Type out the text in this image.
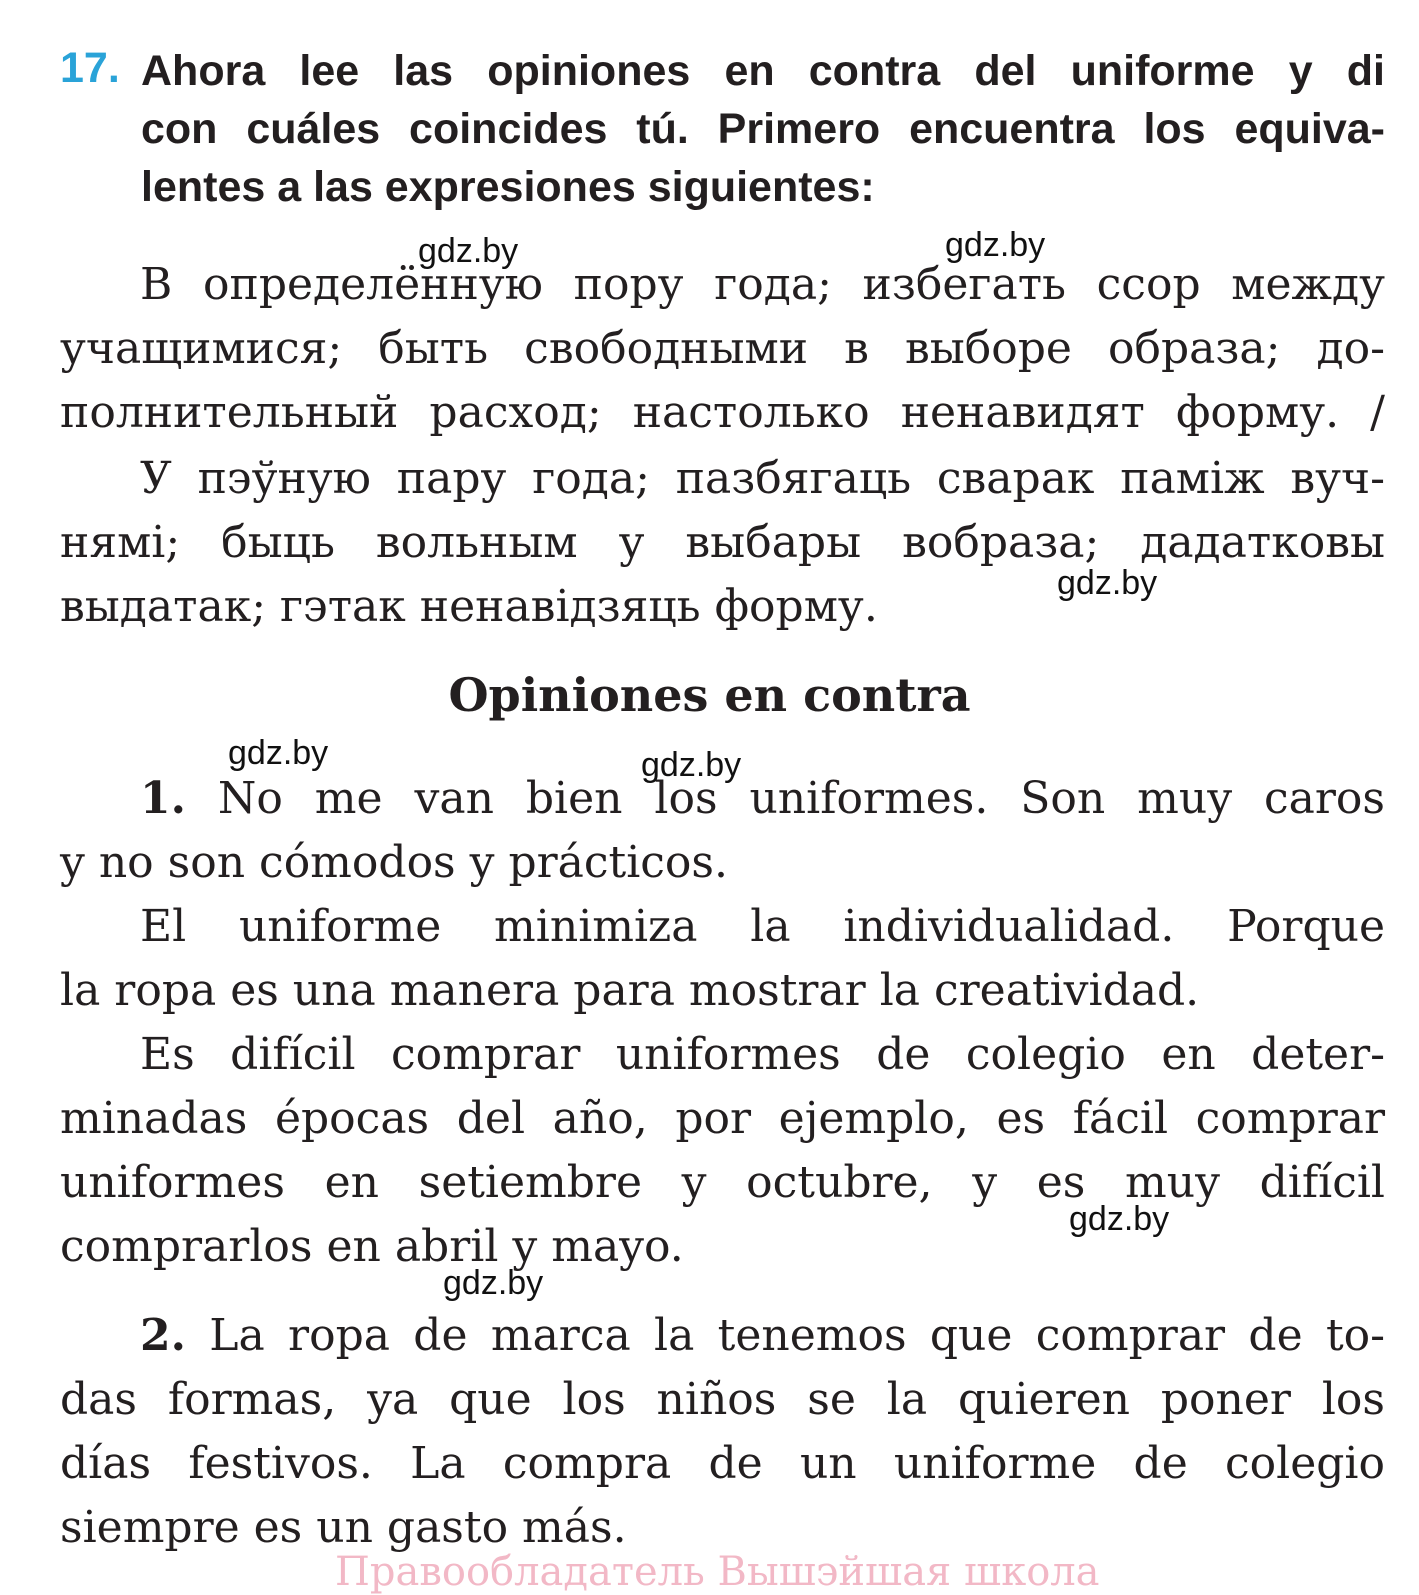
17. Ahora lee las opiniones en contra del uniforme y di
con cuáles coincides tú. Primero encuentra los equiva-
lentes a las expresiones siguientes:
В определённую пору года; избегать ссор между
учащимися; быть свободными в выборе образа; до-
полнительный расход; настолько ненавидят форму. /
У пэўную пару года; пазбягаць сварак паміж вуч-
нямі; быць вольным у выбары вобраза; дадатковы
выдатак; гэтак ненавідзяць форму.
Opiniones en contra
1. No me van bien los uniformes. Son muy caros
y no son cómodos y prácticos.
El uniforme minimiza la individualidad. Porque
la ropa es una manera para mostrar la creatividad.
Es difícil comprar uniformes de colegio en deter-
minadas épocas del año, por ejemplo, es fácil comprar
uniformes en setiembre y octubre, y es muy difícil
comprarlos en abril y mayo.
2. La ropa de marca la tenemos que comprar de to-
das formas, ya que los niños se la quieren poner los
días festivos. La compra de un uniforme de colegio
siempre es un gasto más.
gdz.by	gdz.by
gdz.by
gdz.by	gdz.by
gdz.by
gdz.by
Правообладатель Вышэйшая школа
